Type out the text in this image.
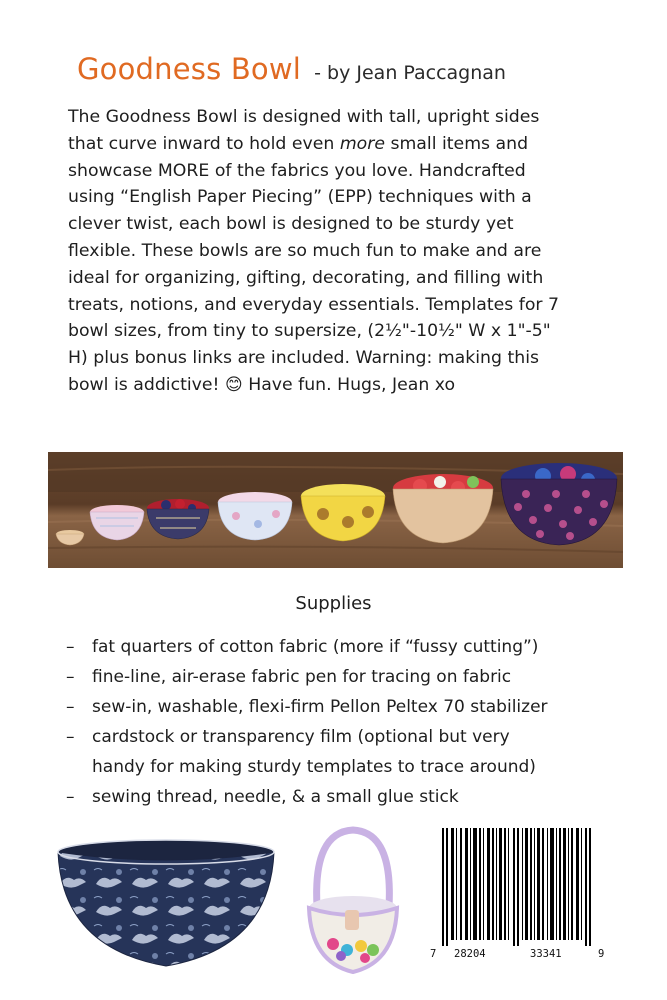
Goodness Bowl - by Jean Paccagnan
The Goodness Bowl is designed with tall, upright sides
that curve inward to hold even more small items and
showcase MORE of the fabrics you love. Handcrafted
using “English Paper Piecing” (EPP) techniques with a
clever twist, each bowl is designed to be sturdy yet
flexible. These bowls are so much fun to make and are
ideal for organizing, gifting, decorating, and filling with
treats, notions, and everyday essentials. Templates for 7
bowl sizes, from tiny to supersize, (2½"-10½" W x 1"-5"
H) plus bonus links are included. Warning: making this
bowl is addictive! 😊 Have fun. Hugs, Jean xo
Supplies
– fat quarters of cotton fabric (more if “fussy cutting”)
– fine-line, air-erase fabric pen for tracing on fabric
– sew-in, washable, flexi-firm Pellon Peltex 70 stabilizer
– cardstock or transparency film (optional but very
handy for making sturdy templates to trace around)
– sewing thread, needle, & a small glue stick
7 28204	33341	9
